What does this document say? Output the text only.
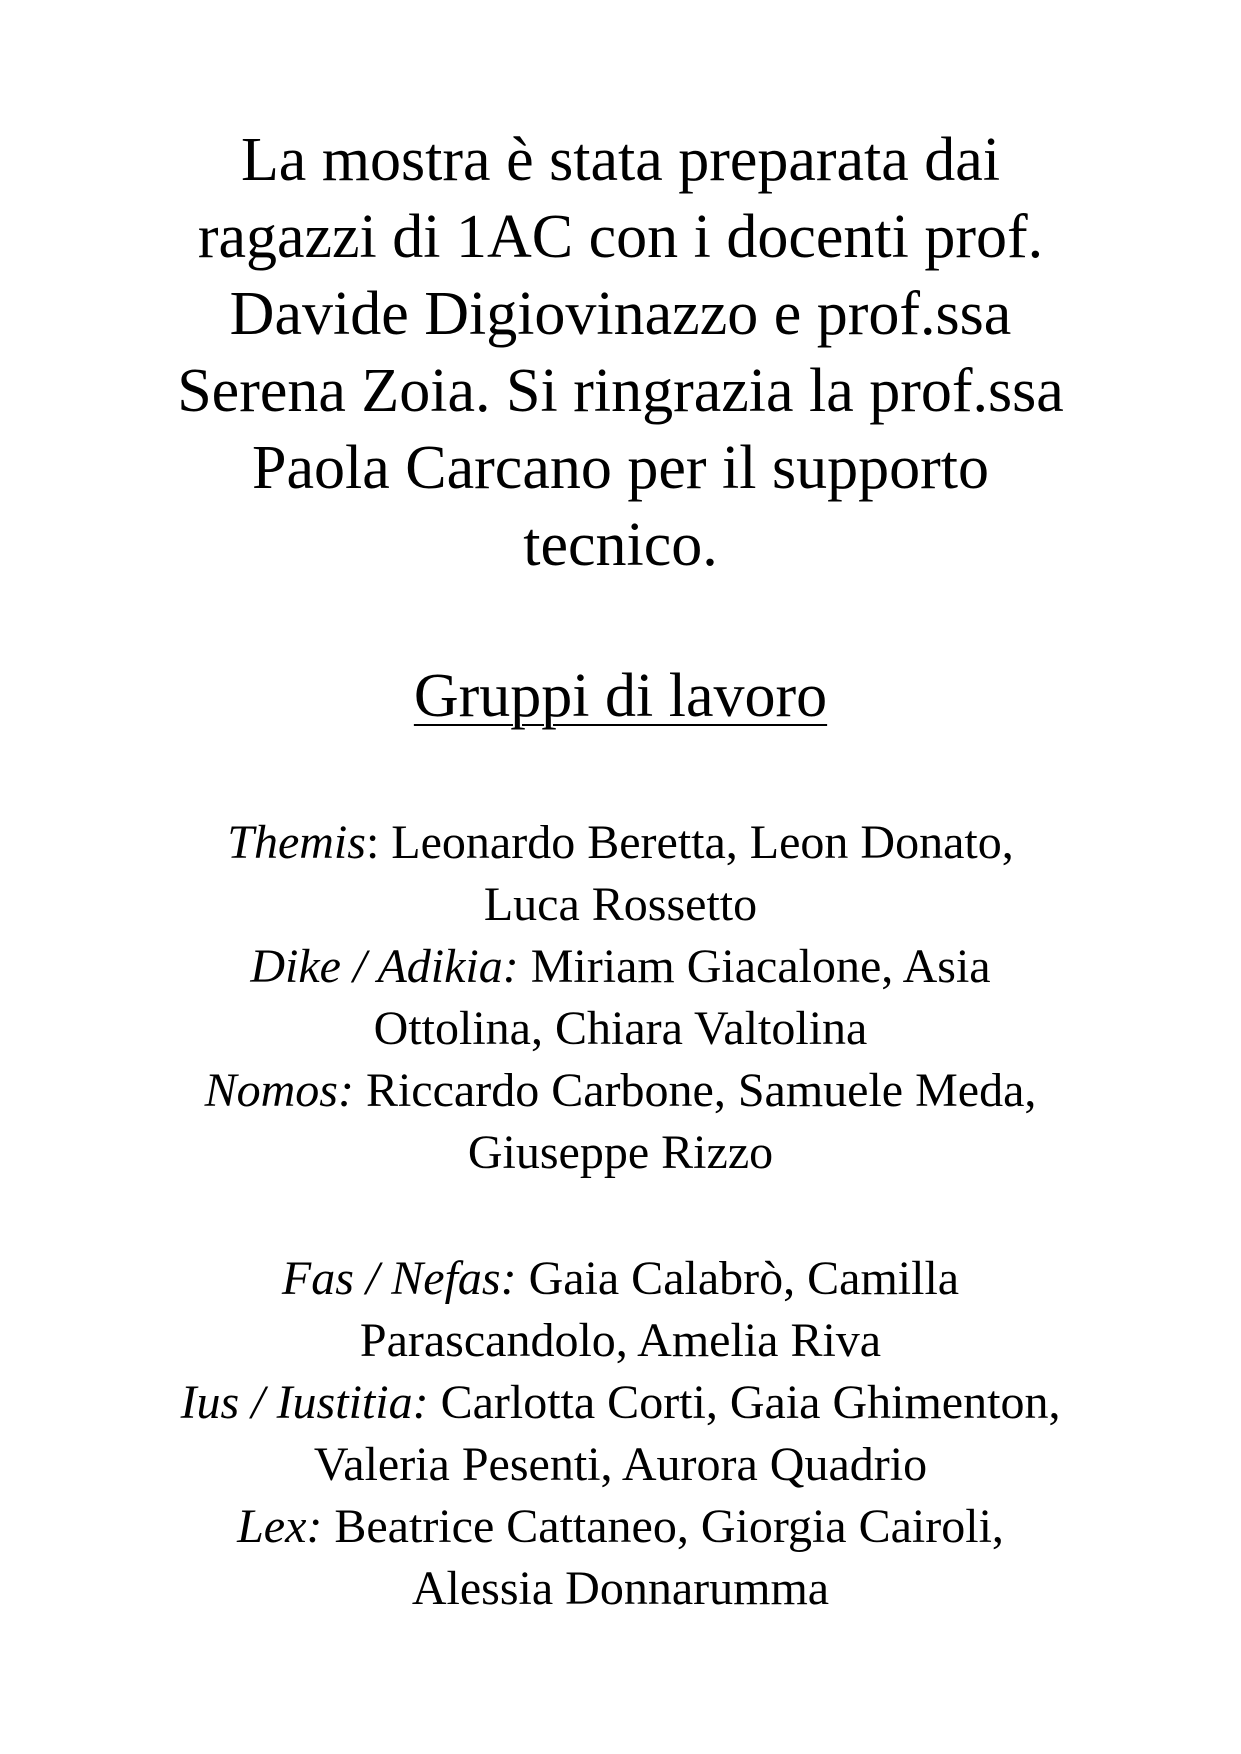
La mostra è stata preparata dai

ragazzi di 1AC con i docenti prof.

Davide Digiovinazzo e prof.ssa

Serena Zoia. Si ringrazia la prof.ssa

Paola Carcano per il supporto

tecnico.

Gruppi di lavoro
Themis: Leonardo Beretta, Leon Donato,
Luca Rossetto
Dike / Adikia: Miriam Giacalone, Asia
Ottolina, Chiara Valtolina
Nomos: Riccardo Carbone, Samuele Meda,
Giuseppe Rizzo
Fas / Nefas: Gaia Calabrò, Camilla
Parascandolo, Amelia Riva
Ius / Iustitia: Carlotta Corti, Gaia Ghimenton,
Valeria Pesenti, Aurora Quadrio
Lex: Beatrice Cattaneo, Giorgia Cairoli,
Alessia Donnarumma
